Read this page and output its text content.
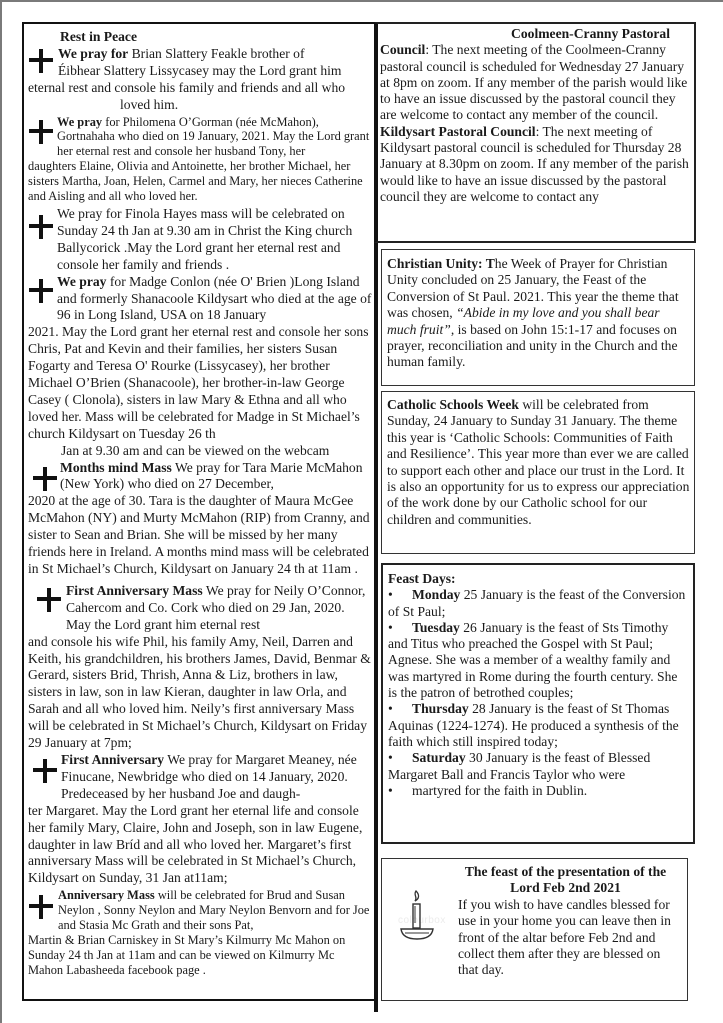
Rest in Peace

We pray for Brian Slattery Feakle brother of
Éibhear Slattery Lissycasey may the Lord grant him

eternal rest and console his family and friends and all who

loved him.

We pray for Philomena O’Gorman (née McMahon), Gortnahaha who died on 19 January, 2021. May the Lord grant her eternal rest and console her husband Tony, her

daughters Elaine, Olivia and Antoinette, her brother Michael, her sisters Martha, Joan, Helen, Carmel and Mary, her nieces Catherine and Aisling and all who loved her.

We pray for Finola Hayes mass will be celebrated on Sunday 24 th Jan at 9.30 am in Christ the King church Ballycorick .May the Lord grant her eternal rest and console her family and friends .

We pray for Madge Conlon (née O' Brien )Long Island and formerly Shanacoole Kildysart who died at the age of 96 in Long Island, USA on 18 January

2021. May the Lord grant her eternal rest and console her sons Chris, Pat and Kevin and their families, her sisters Susan Fogarty and Teresa O' Rourke (Lissycasey), her brother Michael O’Brien (Shanacoole), her brother-in-law George Casey ( Clonola), sisters in law Mary & Ethna and all who loved her. Mass will be celebrated for Madge in St Michael’s church Kildysart on Tuesday 26 th

Jan at 9.30 am and can be viewed on the webcam

Months mind Mass We pray for Tara Marie McMahon (New York) who died on 27 December,

2020 at the age of 30. Tara is the daughter of Maura McGee McMahon (NY) and Murty McMahon (RIP) from Cranny, and sister to Sean and Brian. She will be missed by her many friends here in Ireland. A months mind mass will be celebrated in St Michael’s Church, Kildysart on January 24 th at 11am .

First Anniversary Mass We pray for Neily O’Connor, Cahercom and Co. Cork who died on 29 Jan, 2020. May the Lord grant him eternal rest

and console his wife Phil, his family Amy, Neil, Darren and Keith, his grandchildren, his brothers James, David, Benmar & Gerard, sisters Brid, Thrish, Anna & Liz, brothers in law, sisters in law, son in law Kieran, daughter in law Orla, and Sarah and all who loved him. Neily’s first anniversary Mass will be celebrated in St Michael’s Church, Kildysart on Friday 29 January at 7pm;

First Anniversary We pray for Margaret Meaney, née Finucane, Newbridge who died on 14 January, 2020. Predeceased by her husband Joe and daugh-

ter Margaret. May the Lord grant her eternal life and console her family Mary, Claire, John and Joseph, son in law Eugene, daughter in law Bríd and all who loved her. Margaret’s first anniversary Mass will be celebrated in St Michael’s Church, Kildysart on Sunday, 31 Jan at11am;

Anniversary Mass will be celebrated for Brud and Susan Neylon , Sonny Neylon and Mary Neylon Benvorn and for Joe and Stasia Mc Grath and their sons Pat,

Martin & Brian Carniskey in St Mary’s Kilmurry Mc Mahon on Sunday 24 th Jan at 11am and can be viewed on Kilmurry Mc Mahon Labasheeda facebook page .

Coolmeen-Cranny Pastoral

Council: The next meeting of the Coolmeen-Cranny pastoral council is scheduled for Wednesday 27 January at 8pm on zoom. If any member of the parish would like to have an issue discussed by the pastoral council they are welcome to contact any member of the council.

Kildysart Pastoral Council: The next meeting of Kildysart pastoral council is scheduled for Thursday 28 January at 8.30pm on zoom. If any member of the parish would like to have an issue discussed by the pastoral council they are welcome to contact any

Christian Unity: The Week of Prayer for Christian Unity concluded on 25 January, the Feast of the Conversion of St Paul. 2021. This year the theme that was chosen, “Abide in my love and you shall bear much fruit”, is based on John 15:1-17 and focuses on prayer, reconciliation and unity in the Church and the human family.

Catholic Schools Week will be celebrated from Sunday, 24 January to Sunday 31 January. The theme this year is ‘Catholic Schools: Communities of Faith and Resilience’. This year more than ever we are called to support each other and place our trust in the Lord. It is also an opportunity for us to express our appreciation of the work done by our Catholic school for our children and communities.

Feast Days:

• Monday 25 January is the feast of the Conversion of St Paul;

• Tuesday 26 January is the feast of Sts Timothy and Titus who preached the Gospel with St Paul; Agnese. She was a member of a wealthy family and was martyred in Rome during the fourth century. She is the patron of betrothed couples;

• Thursday 28 January is the feast of St Thomas Aquinas (1224-1274). He produced a synthesis of the faith which still inspired today;

• Saturday 30 January is the feast of Blessed Margaret Ball and Francis Taylor who were

• martyred for the faith in Dublin.

colourbox

The feast of the presentation of the Lord Feb 2nd 2021

If you wish to have candles blessed for use in your home you can leave then in front of the altar before Feb 2nd and collect them after they are blessed on that day.
